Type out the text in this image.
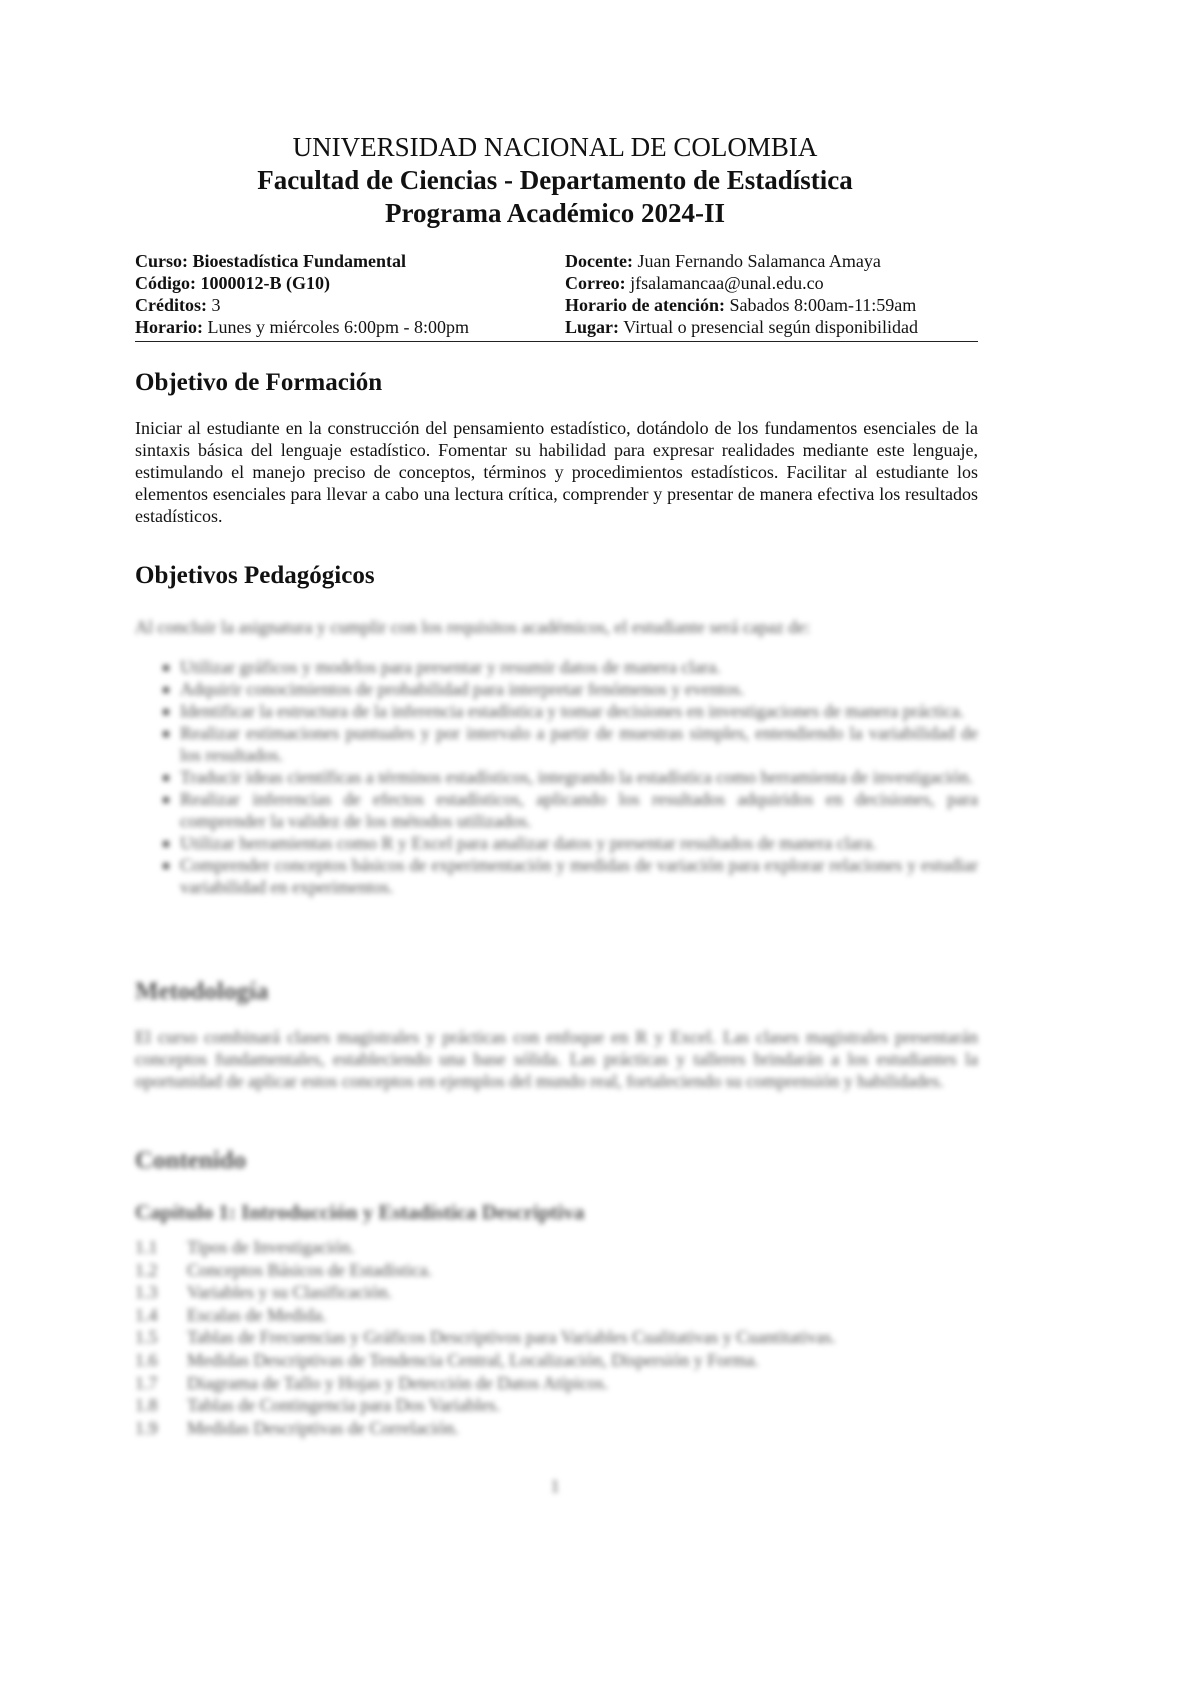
UNIVERSIDAD NACIONAL DE COLOMBIA
Facultad de Ciencias - Departamento de Estadística
Programa Académico 2024-II
Curso: Bioestadística Fundamental
Código: 1000012-B (G10)
Créditos: 3
Horario: Lunes y miércoles 6:00pm - 8:00pm
Docente: Juan Fernando Salamanca Amaya
Correo: jfsalamancaa@unal.edu.co
Horario de atención: Sabados 8:00am-11:59am
Lugar: Virtual o presencial según disponibilidad
Objetivo de Formación
Iniciar al estudiante en la construcción del pensamiento estadístico, dotándolo de los fundamentos esenciales de la sintaxis básica del lenguaje estadístico. Fomentar su habilidad para expresar realidades mediante este lenguaje, estimulando el manejo preciso de conceptos, términos y procedimientos estadísticos. Facilitar al estudiante los elementos esenciales para llevar a cabo una lectura crítica, comprender y presentar de manera efectiva los resultados estadísticos.
Objetivos Pedagógicos
Al concluir la asignatura y cumplir con los requisitos académicos, el estudiante será capaz de:
Utilizar gráficos y modelos para presentar y resumir datos de manera clara.
Adquirir conocimientos de probabilidad para interpretar fenómenos y eventos.
Identificar la estructura de la inferencia estadística y tomar decisiones en investigaciones de manera práctica.
Realizar estimaciones puntuales y por intervalo a partir de muestras simples, entendiendo la variabilidad de los resultados.
Traducir ideas científicas a términos estadísticos, integrando la estadística como herramienta de investigación.
Realizar inferencias de efectos estadísticos, aplicando los resultados adquiridos en decisiones, para comprender la validez de los métodos utilizados.
Utilizar herramientas como R y Excel para analizar datos y presentar resultados de manera clara.
Comprender conceptos básicos de experimentación y medidas de variación para explorar relaciones y estudiar variabilidad en experimentos.
Metodología
El curso combinará clases magistrales y prácticas con enfoque en R y Excel. Las clases magistrales presentarán conceptos fundamentales, estableciendo una base sólida. Las prácticas y talleres brindarán a los estudiantes la oportunidad de aplicar estos conceptos en ejemplos del mundo real, fortaleciendo su comprensión y habilidades.
Contenido
Capítulo 1: Introducción y Estadística Descriptiva
1.1	Tipos de Investigación.
1.2	Conceptos Básicos de Estadística.
1.3	Variables y su Clasificación.
1.4	Escalas de Medida.
1.5	Tablas de Frecuencias y Gráficos Descriptivos para Variables Cualitativas y Cuantitativas.
1.6	Medidas Descriptivas de Tendencia Central, Localización, Dispersión y Forma.
1.7	Diagrama de Tallo y Hojas y Detección de Datos Atípicos.
1.8	Tablas de Contingencia para Dos Variables.
1.9	Medidas Descriptivas de Correlación.
1
